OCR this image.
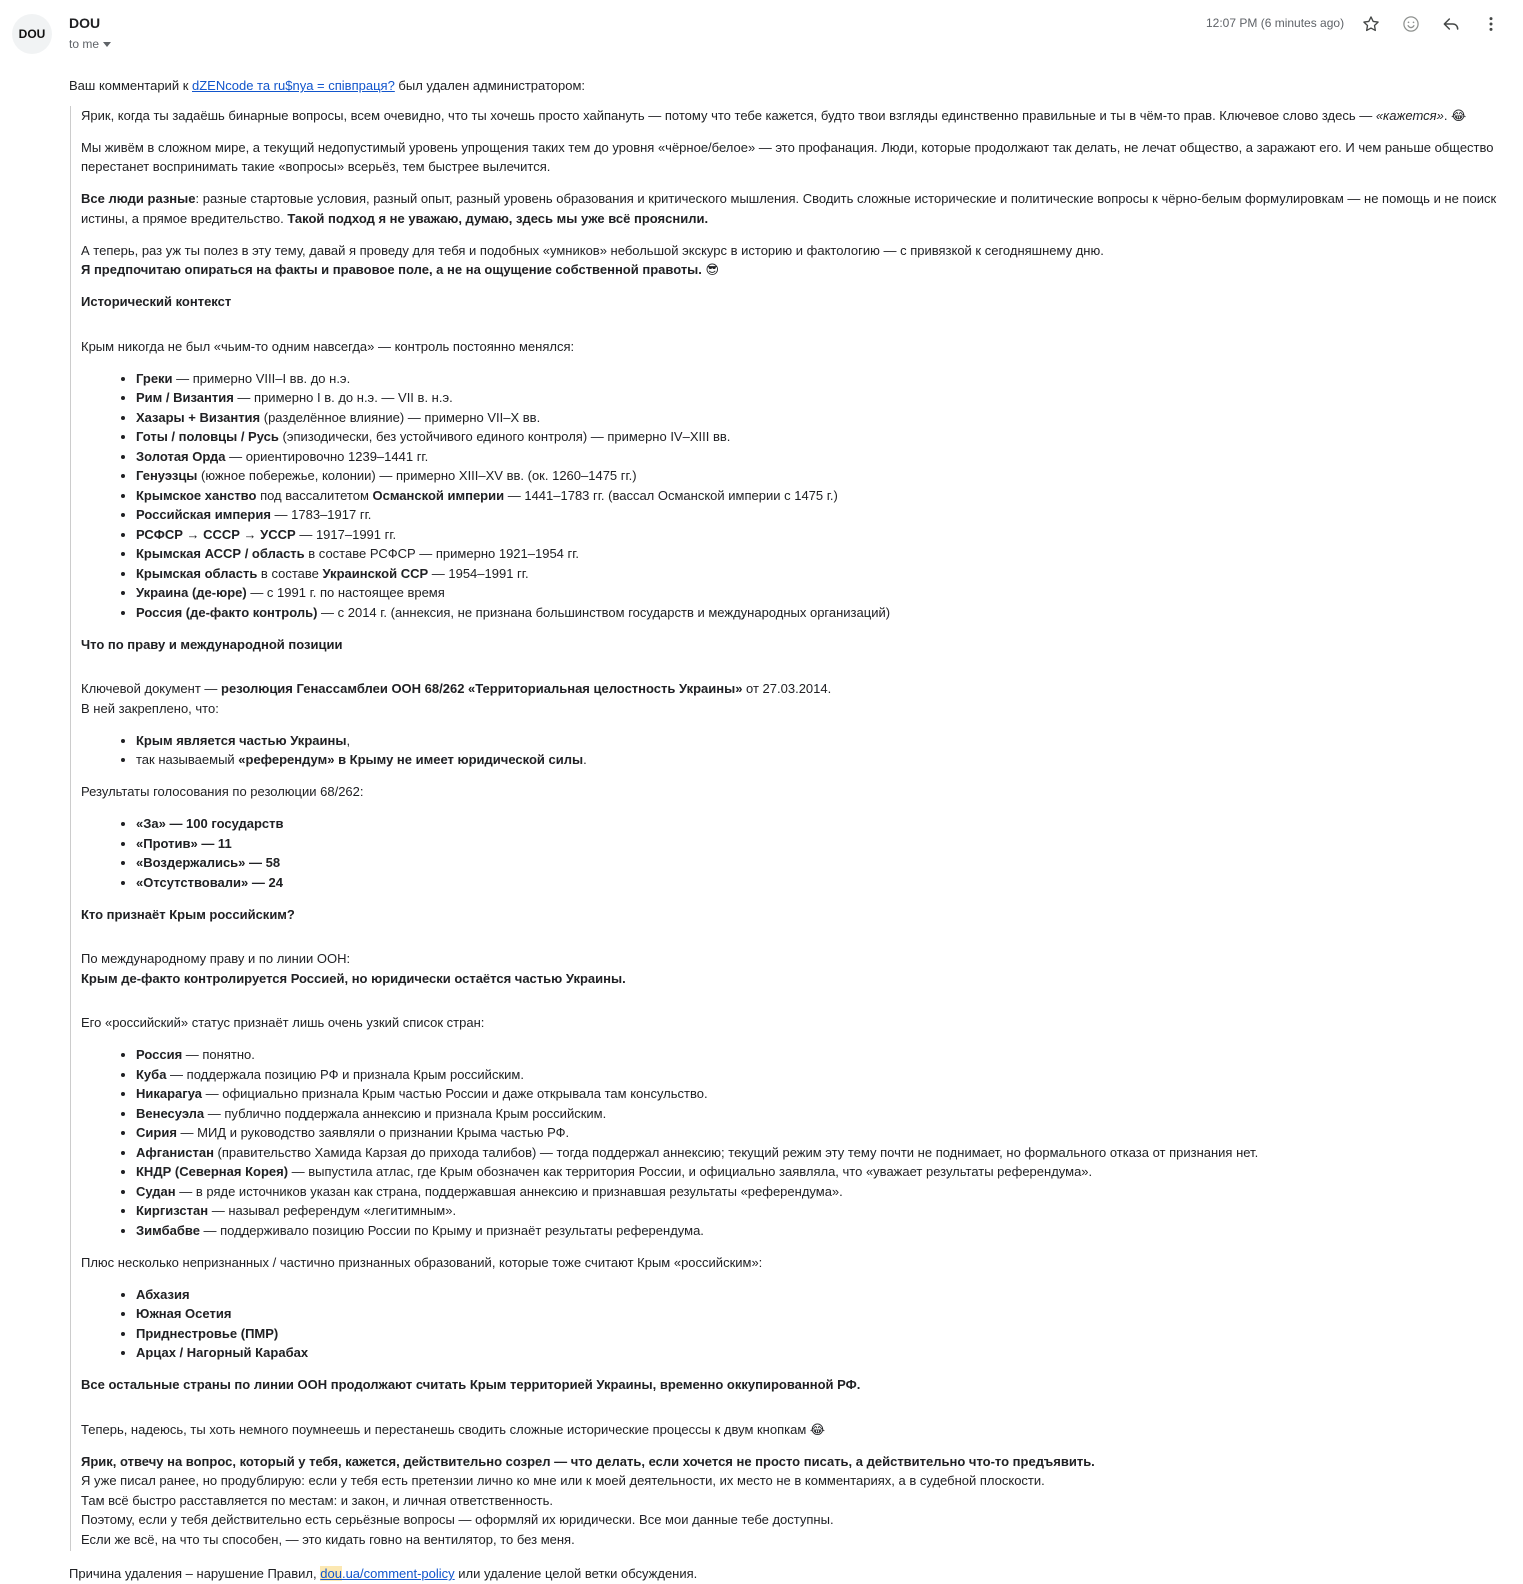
DOU
DOU
to me
12:07 PM (6 minutes ago)

Ваш комментарий к dZENcode та ru$nya = співпраця? был удален администратором:

Ярик, когда ты задаёшь бинарные вопросы, всем очевидно, что ты хочешь просто хайпануть — потому что тебе кажется, будто твои взгляды единственно правильные и ты в чём-то прав. Ключевое слово здесь — «кажется». 😂

Мы живём в сложном мире, а текущий недопустимый уровень упрощения таких тем до уровня «чёрное/белое» — это профанация. Люди, которые продолжают так делать, не лечат общество, а заражают его. И чем раньше общество перестанет воспринимать такие «вопросы» всерьёз, тем быстрее вылечится.

Все люди разные: разные стартовые условия, разный опыт, разный уровень образования и критического мышления. Сводить сложные исторические и политические вопросы к чёрно-белым формулировкам — не помощь и не поиск истины, а прямое вредительство. Такой подход я не уважаю, думаю, здесь мы уже всё прояснили.

А теперь, раз уж ты полез в эту тему, давай я проведу для тебя и подобных «умников» небольшой экскурс в историю и фактологию — с привязкой к сегодняшнему дню.
Я предпочитаю опираться на факты и правовое поле, а не на ощущение собственной правоты. 😎

Исторический контекст

Крым никогда не был «чьим-то одним навсегда» — контроль постоянно менялся:

• Греки — примерно VIII–I вв. до н.э.
• Рим / Византия — примерно I в. до н.э. — VII в. н.э.
• Хазары + Византия (разделённое влияние) — примерно VII–X вв.
• Готы / половцы / Русь (эпизодически, без устойчивого единого контроля) — примерно IV–XIII вв.
• Золотая Орда — ориентировочно 1239–1441 гг.
• Генуэзцы (южное побережье, колонии) — примерно XIII–XV вв. (ок. 1260–1475 гг.)
• Крымское ханство под вассалитетом Османской империи — 1441–1783 гг. (вассал Османской империи с 1475 г.)
• Российская империя — 1783–1917 гг.
• РСФСР → СССР → УССР — 1917–1991 гг.
• Крымская АССР / область в составе РСФСР — примерно 1921–1954 гг.
• Крымская область в составе Украинской ССР — 1954–1991 гг.
• Украина (де-юре) — с 1991 г. по настоящее время
• Россия (де-факто контроль) — с 2014 г. (аннексия, не признана большинством государств и международных организаций)
Что по праву и международной позиции

Ключевой документ — резолюция Генассамблеи ООН 68/262 «Территориальная целостность Украины» от 27.03.2014.
В ней закреплено, что:

• Крым является частью Украины,
• так называемый «референдум» в Крыму не имеет юридической силы.

Результаты голосования по резолюции 68/262:

• «За» — 100 государств
• «Против» — 11
• «Воздержались» — 58
• «Отсутствовали» — 24
Кто признаёт Крым российским?

По международному праву и по линии ООН:
Крым де-факто контролируется Россией, но юридически остаётся частью Украины.

Его «российский» статус признаёт лишь очень узкий список стран:

• Россия — понятно.
• Куба — поддержала позицию РФ и признала Крым российским.
• Никарагуа — официально признала Крым частью России и даже открывала там консульство.
• Венесуэла — публично поддержала аннексию и признала Крым российским.
• Сирия — МИД и руководство заявляли о признании Крыма частью РФ.
• Афганистан (правительство Хамида Карзая до прихода талибов) — тогда поддержал аннексию; текущий режим эту тему почти не поднимает, но формального отказа от признания нет.
• КНДР (Северная Корея) — выпустила атлас, где Крым обозначен как территория России, и официально заявляла, что «уважает результаты референдума».
• Судан — в ряде источников указан как страна, поддержавшая аннексию и признавшая результаты «референдума».
• Киргизстан — называл референдум «легитимным».
• Зимбабве — поддерживало позицию России по Крыму и признаёт результаты референдума.

Плюс несколько непризнанных / частично признанных образований, которые тоже считают Крым «российским»:

• Абхазия
• Южная Осетия
• Приднестровье (ПМР)
• Арцах / Нагорный Карабах

Все остальные страны по линии ООН продолжают считать Крым территорией Украины, временно оккупированной РФ.

Теперь, надеюсь, ты хоть немного поумнеешь и перестанешь сводить сложные исторические процессы к двум кнопкам 😂

Ярик, отвечу на вопрос, который у тебя, кажется, действительно созрел — что делать, если хочется не просто писать, а действительно что-то предъявить.
Я уже писал ранее, но продублирую: если у тебя есть претензии лично ко мне или к моей деятельности, их место не в комментариях, а в судебной плоскости.
Там всё быстро расставляется по местам: и закон, и личная ответственность.
Поэтому, если у тебя действительно есть серьёзные вопросы — оформляй их юридически. Все мои данные тебе доступны.
Если же всё, на что ты способен, — это кидать говно на вентилятор, то без меня.

Причина удаления – нарушение Правил, dou.ua/comment-policy или удаление целой ветки обсуждения.
